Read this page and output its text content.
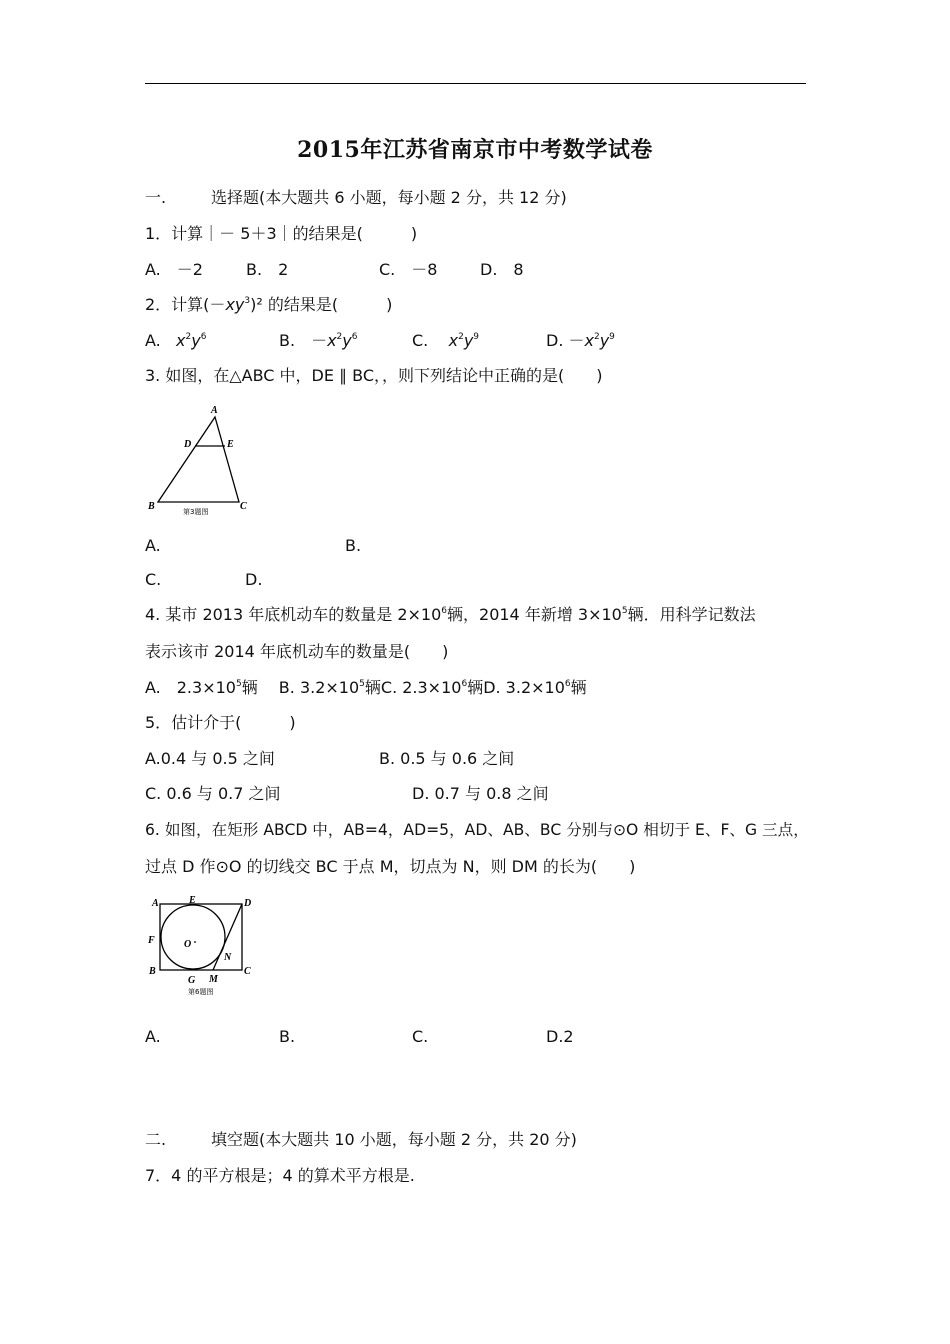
2015年江苏省南京市中考数学试卷
一.	选择题(本大题共 6 小题，每小题 2 分，共 12 分)
1．计算｜－ 5＋3｜的结果是(　　　)
A.　－2	B.　2	C.　－8	D.　8
2．计算$(-xy^3)^2$ 的结果是(　　　)
A. $x^2y^6$	B.　$-x^2y^6$	C. $x^2y^9$	D. $-x^2y^9$
3. 如图，在△ABC 中，DE ∥ BC，，则下列结论中正确的是(　　)
A
D	E
B	C
第3题图
A.	B.
C.	D.
4. 某市 2013 年底机动车的数量是 $2\times 10^6$辆，2014 年新增 $3\times 10^5$辆．用科学记数法
表示该市 2014 年底机动车的数量是(　　)
A.　$2.3\times 10^5$辆　 B. $3.2\times 10^5$辆C. $2.3\times 10^6$辆D. $3.2\times 10^6$辆
5．估计介于(　　　)
A.0.4 与 0.5 之间	B. 0.5 与 0.6 之间
C. 0.6 与 0.7 之间	D. 0.7 与 0.8 之间
6. 如图，在矩形 ABCD 中，AB=4，AD=5，AD、AB、BC 分别与⊙O 相切于 E、F、G 三点，
过点 D 作⊙O 的切线交 BC 于点 M，切点为 N，则 DM 的长为(　　)
A	E	D
F	O
N
B
G M
C
第6题图
A.	B.	C.	D.2
二.	填空题(本大题共 10 小题，每小题 2 分，共 20 分)
7．4 的平方根是；4 的算术平方根是.
